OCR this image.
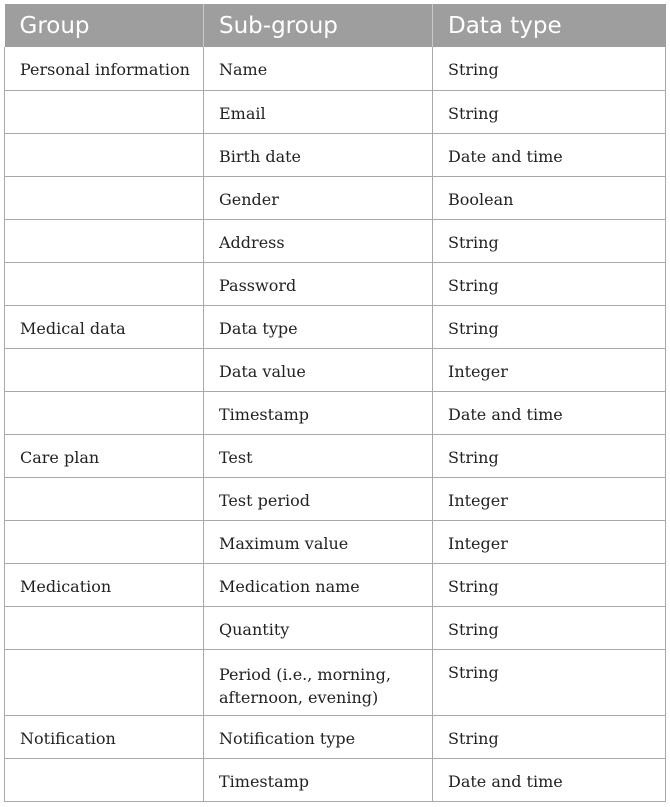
Group	Sub-group	Data type
Personal information	Name	String
	Email	String
	Birth date	Date and time
	Gender	Boolean
	Address	String
	Password	String
Medical data	Data type	String
	Data value	Integer
	Timestamp	Date and time
Care plan	Test	String
	Test period	Integer
	Maximum value	Integer
Medication	Medication name	String
	Quantity	String
	Period (i.e., morning, afternoon, evening)	String
Notification	Notification type	String
	Timestamp	Date and time
